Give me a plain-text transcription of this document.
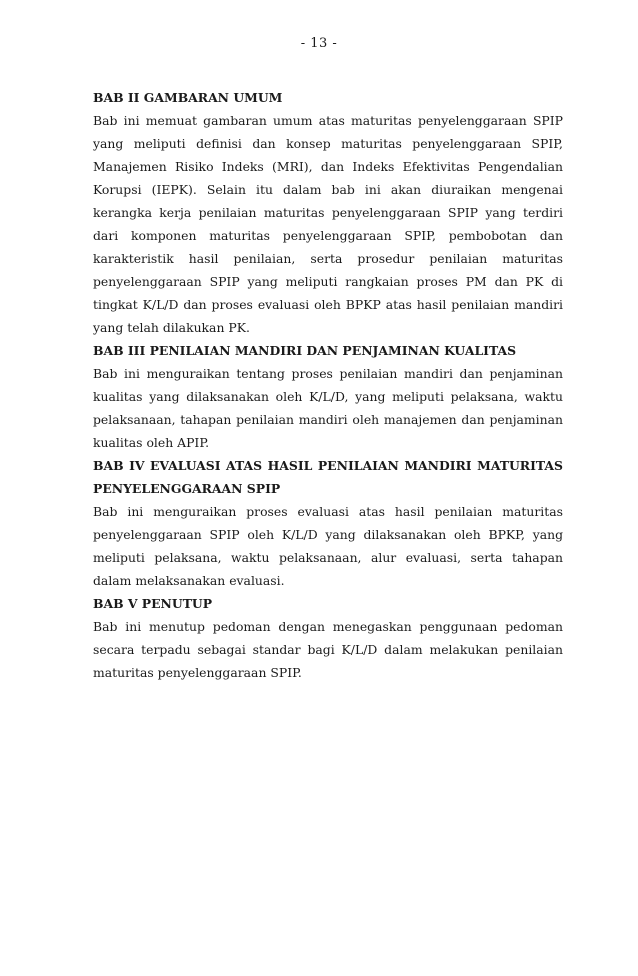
- 13 -

BAB II GAMBARAN UMUM

Bab ini memuat gambaran umum atas maturitas penyelenggaraan SPIP yang meliputi definisi dan konsep maturitas penyelenggaraan SPIP, Manajemen Risiko Indeks (MRI), dan Indeks Efektivitas Pengendalian Korupsi (IEPK). Selain itu dalam bab ini akan diuraikan mengenai kerangka kerja penilaian maturitas penyelenggaraan SPIP yang terdiri dari komponen maturitas penyelenggaraan SPIP, pembobotan dan karakteristik hasil penilaian, serta prosedur penilaian maturitas penyelenggaraan SPIP yang meliputi rangkaian proses PM dan PK di tingkat K/L/D dan proses evaluasi oleh BPKP atas hasil penilaian mandiri yang telah dilakukan PK.

BAB III PENILAIAN MANDIRI DAN PENJAMINAN KUALITAS

Bab ini menguraikan tentang proses penilaian mandiri dan penjaminan kualitas yang dilaksanakan oleh K/L/D, yang meliputi pelaksana, waktu pelaksanaan, tahapan penilaian mandiri oleh manajemen dan penjaminan kualitas oleh APIP.

BAB IV EVALUASI ATAS HASIL PENILAIAN MANDIRI MATURITAS PENYELENGGARAAN SPIP

Bab ini menguraikan proses evaluasi atas hasil penilaian maturitas penyelenggaraan SPIP oleh K/L/D yang dilaksanakan oleh BPKP, yang meliputi pelaksana, waktu pelaksanaan, alur evaluasi, serta tahapan dalam melaksanakan evaluasi.

BAB V PENUTUP

Bab ini menutup pedoman dengan menegaskan penggunaan pedoman secara terpadu sebagai standar bagi K/L/D dalam melakukan penilaian maturitas penyelenggaraan SPIP.
